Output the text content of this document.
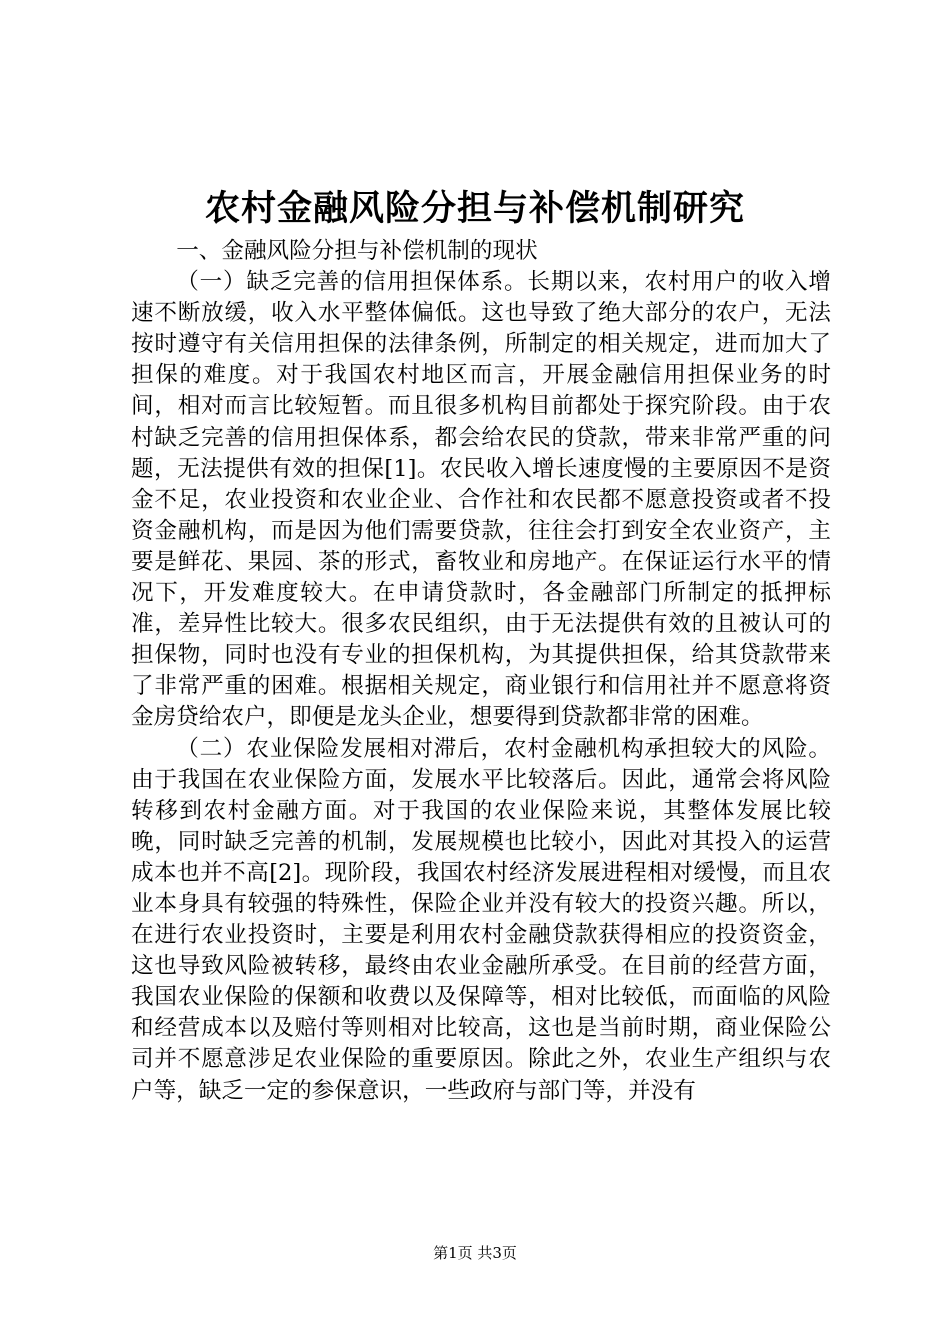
农村金融风险分担与补偿机制研究

一、金融风险分担与补偿机制的现状

（一）缺乏完善的信用担保体系。长期以来，农村用户的收入增速不断放缓，收入水平整体偏低。这也导致了绝大部分的农户，无法按时遵守有关信用担保的法律条例，所制定的相关规定，进而加大了担保的难度。对于我国农村地区而言，开展金融信用担保业务的时间，相对而言比较短暂。而且很多机构目前都处于探究阶段。由于农村缺乏完善的信用担保体系，都会给农民的贷款，带来非常严重的问题，无法提供有效的担保[1]。农民收入增长速度慢的主要原因不是资金不足，农业投资和农业企业、合作社和农民都不愿意投资或者不投资金融机构，而是因为他们需要贷款，往往会打到安全农业资产，主要是鲜花、果园、茶的形式，畜牧业和房地产。在保证运行水平的情况下，开发难度较大。在申请贷款时，各金融部门所制定的抵押标准，差异性比较大。很多农民组织，由于无法提供有效的且被认可的担保物，同时也没有专业的担保机构，为其提供担保，给其贷款带来了非常严重的困难。根据相关规定，商业银行和信用社并不愿意将资金房贷给农户，即便是龙头企业，想要得到贷款都非常的困难。

（二）农业保险发展相对滞后，农村金融机构承担较大的风险。由于我国在农业保险方面，发展水平比较落后。因此，通常会将风险转移到农村金融方面。对于我国的农业保险来说，其整体发展比较晚，同时缺乏完善的机制，发展规模也比较小，因此对其投入的运营成本也并不高[2]。现阶段，我国农村经济发展进程相对缓慢，而且农业本身具有较强的特殊性，保险企业并没有较大的投资兴趣。所以，在进行农业投资时，主要是利用农村金融贷款获得相应的投资资金，这也导致风险被转移，最终由农业金融所承受。在目前的经营方面，我国农业保险的保额和收费以及保障等，相对比较低，而面临的风险和经营成本以及赔付等则相对比较高，这也是当前时期，商业保险公司并不愿意涉足农业保险的重要原因。除此之外，农业生产组织与农户等，缺乏一定的参保意识，一些政府与部门等，并没有

第1页 共3页
